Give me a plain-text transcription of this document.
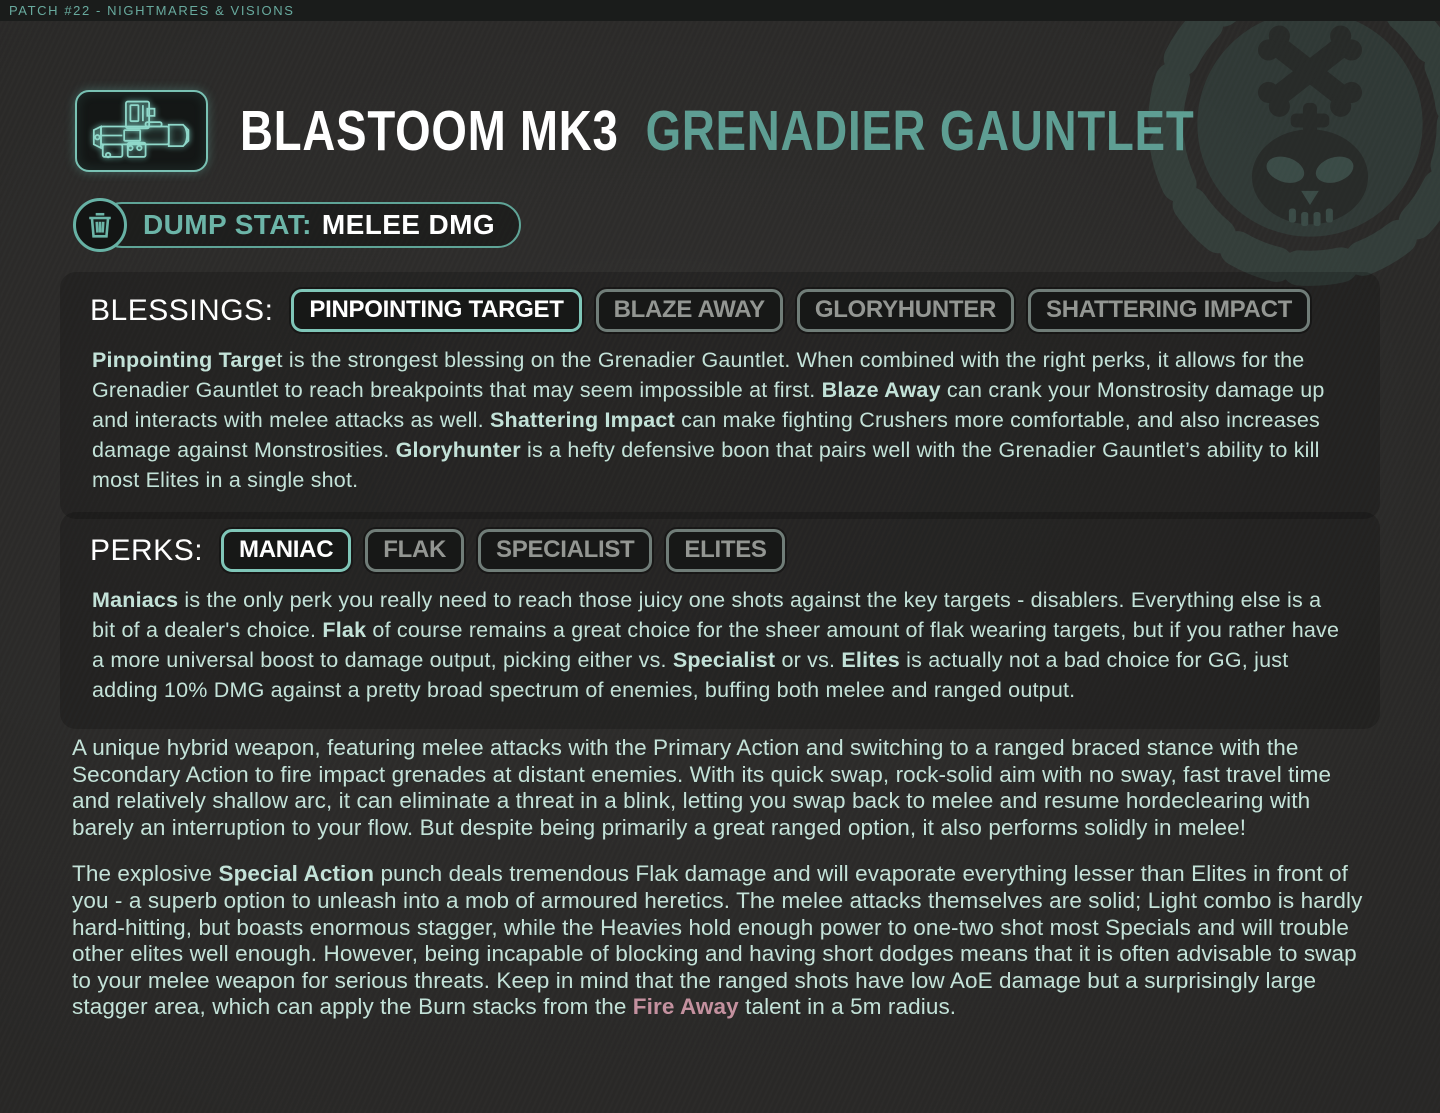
PATCH #22 - NIGHTMARES & VISIONS
BLASTOOM MK3 GRENADIER GAUNTLET
DUMP STAT: MELEE DMG
BLESSINGS:	PINPOINTING TARGET	BLAZE AWAY	GLORYHUNTER	SHATTERING IMPACT
Pinpointing Target is the strongest blessing on the Grenadier Gauntlet. When combined with the right perks, it allows for the Grenadier Gauntlet to reach breakpoints that may seem impossible at first. Blaze Away can crank your Monstrosity damage up and interacts with melee attacks as well. Shattering Impact can make fighting Crushers more comfortable, and also increases damage against Monstrosities. Gloryhunter is a hefty defensive boon that pairs well with the Grenadier Gauntlet’s ability to kill most Elites in a single shot.
PERKS:	MANIAC	FLAK	SPECIALIST	ELITES
Maniacs is the only perk you really need to reach those juicy one shots against the key targets - disablers. Everything else is a bit of a dealer's choice. Flak of course remains a great choice for the sheer amount of flak wearing targets, but if you rather have a more universal boost to damage output, picking either vs. Specialist or vs. Elites is actually not a bad choice for GG, just adding 10% DMG against a pretty broad spectrum of enemies, buffing both melee and ranged output.
A unique hybrid weapon, featuring melee attacks with the Primary Action and switching to a ranged braced stance with the Secondary Action to fire impact grenades at distant enemies. With its quick swap, rock-solid aim with no sway, fast travel time and relatively shallow arc, it can eliminate a threat in a blink, letting you swap back to melee and resume hordeclearing with barely an interruption to your flow. But despite being primarily a great ranged option, it also performs solidly in melee!
The explosive Special Action punch deals tremendous Flak damage and will evaporate everything lesser than Elites in front of you - a superb option to unleash into a mob of armoured heretics. The melee attacks themselves are solid; Light combo is hardly hard-hitting, but boasts enormous stagger, while the Heavies hold enough power to one-two shot most Specials and will trouble other elites well enough. However, being incapable of blocking and having short dodges means that it is often advisable to swap to your melee weapon for serious threats. Keep in mind that the ranged shots have low AoE damage but a surprisingly large stagger area, which can apply the Burn stacks from the Fire Away talent in a 5m radius.
